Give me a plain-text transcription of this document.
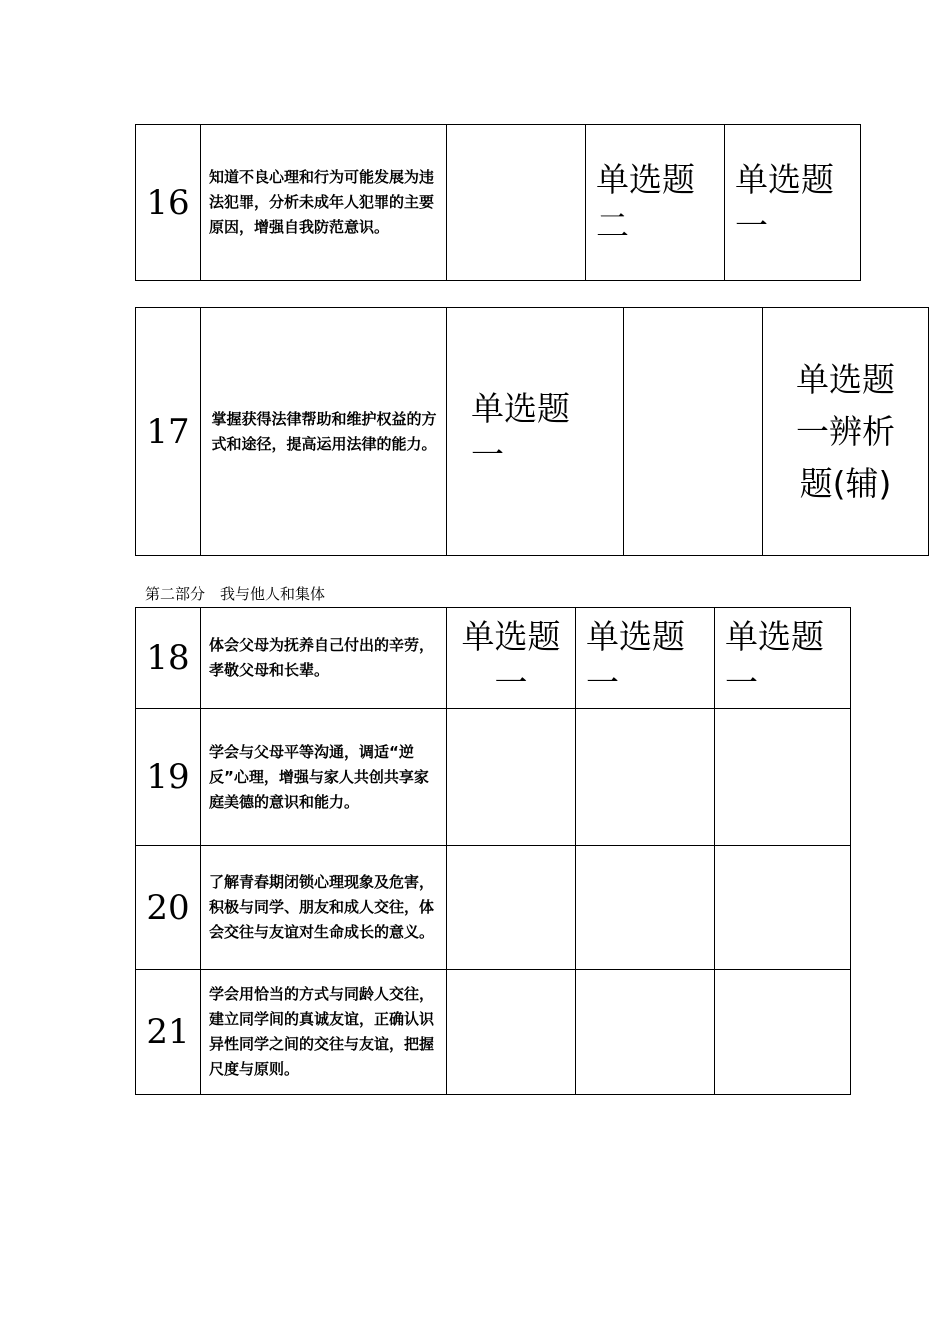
16	知道不良心理和行为可能发展为违法犯罪，分析未成年人犯罪的主要原因，增强自我防范意识。		单选题二	单选题一
17	掌握获得法律帮助和维护权益的方式和途径，提高运用法律的能力。	单选题一		单选题一辨析题(辅)
第二部分　我与他人和集体
18	体会父母为抚养自己付出的辛劳，孝敬父母和长辈。	单选题一	单选题一	单选题一
19	学会与父母平等沟通，调适“逆反”心理，增强与家人共创共享家庭美德的意识和能力。			
20	了解青春期闭锁心理现象及危害，积极与同学、朋友和成人交往，体会交往与友谊对生命成长的意义。			
21	学会用恰当的方式与同龄人交往，建立同学间的真诚友谊，正确认识异性同学之间的交往与友谊，把握尺度与原则。			
